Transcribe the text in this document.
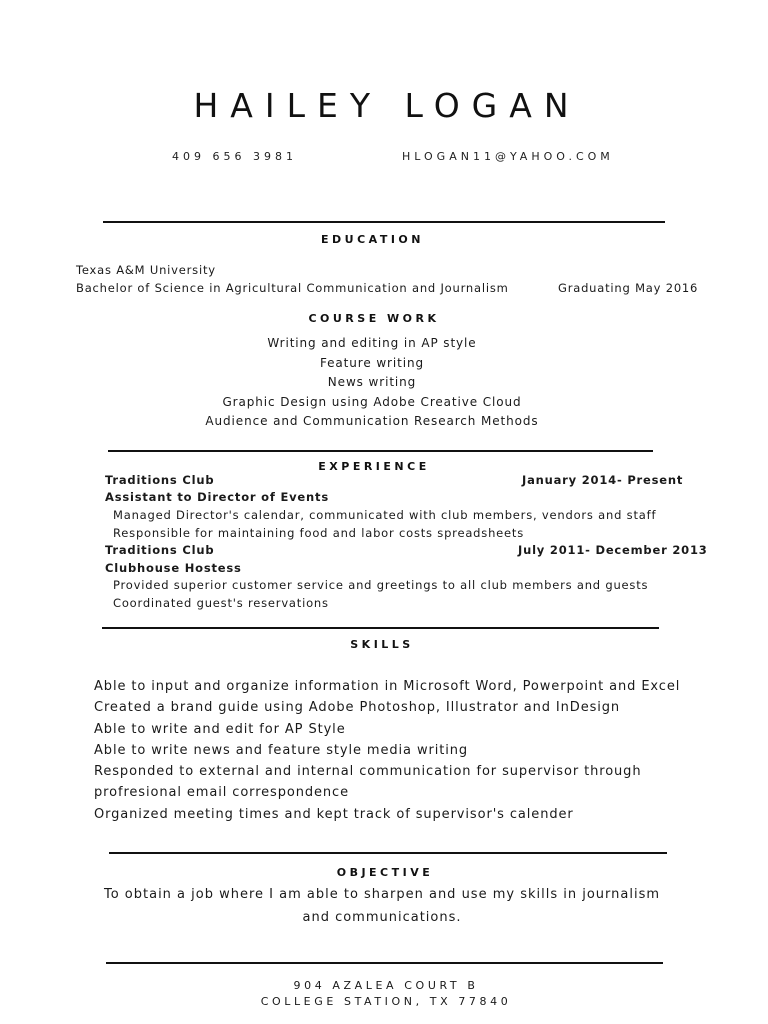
HAILEY LOGAN
409 656 3981	HLOGAN11@YAHOO.COM
EDUCATION
Texas A&M University
Bachelor of Science in Agricultural Communication and Journalism	Graduating May 2016
COURSE WORK
Writing and editing in AP style
Feature writing
News writing
Graphic Design using Adobe Creative Cloud
Audience and Communication Research Methods
EXPERIENCE
Traditions Club	January 2014- Present
Assistant to Director of Events
Managed Director's calendar, communicated with club members, vendors and staff
Responsible for maintaining food and labor costs spreadsheets
Traditions Club	July 2011- December 2013
Clubhouse Hostess
Provided superior customer service and greetings to all club members and guests
Coordinated guest's reservations
SKILLS
Able to input and organize information in Microsoft Word, Powerpoint and Excel
Created a brand guide using Adobe Photoshop, Illustrator and InDesign
Able to write and edit for AP Style
Able to write news and feature style media writing
Responded to external and internal communication for supervisor through
profresional email correspondence
Organized meeting times and kept track of supervisor's calender
OBJECTIVE
To obtain a job where I am able to sharpen and use my skills in journalism
and communications.
904 AZALEA COURT B
COLLEGE STATION, TX 77840
